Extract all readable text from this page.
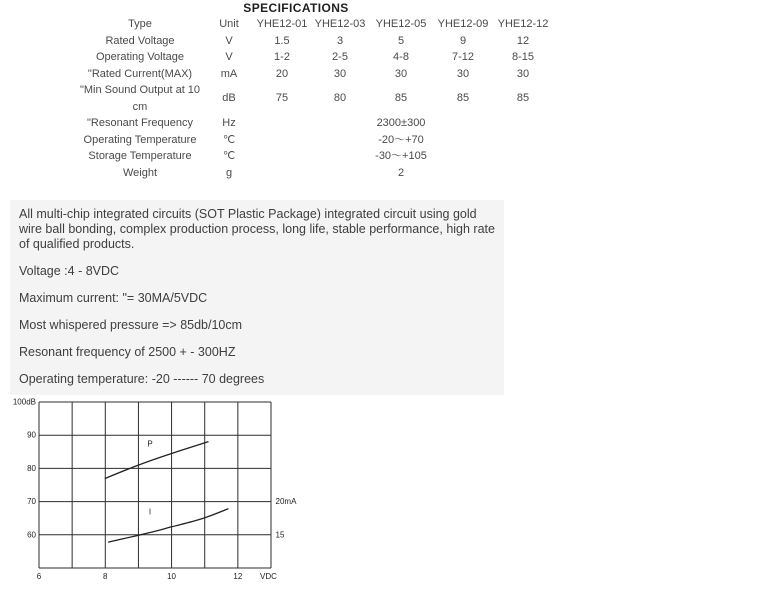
SPECIFICATIONS
Type	Unit	YHE12-01	YHE12-03	YHE12-05	YHE12-09	YHE12-12
Rated Voltage	V	1.5	3	5	9	12
Operating Voltage	V	1-2	2-5	4-8	7-12	8-15
"Rated Current(MAX)	mA	20	30	30	30	30
"Min Sound Output at 10 cm	dB	75	80	85	85	85
"Resonant Frequency	Hz			2300±300		
Operating Temperature	℃			-20～+70		
Storage Temperature	℃			-30～+105		
Weight	g			2		

All multi-chip integrated circuits (SOT Plastic Package) integrated circuit using gold wire ball bonding, complex production process, long life, stable performance, high rate of qualified products.

Voltage :4 - 8VDC

Maximum current: "= 30MA/5VDC

Most whispered pressure => 85db/10cm

Resonant frequency of 2500 + - 300HZ

Operating temperature: -20 ------ 70 degrees

100dB
90
80
70
60
20mA
15
6	8	10	12 VDC
P
I
